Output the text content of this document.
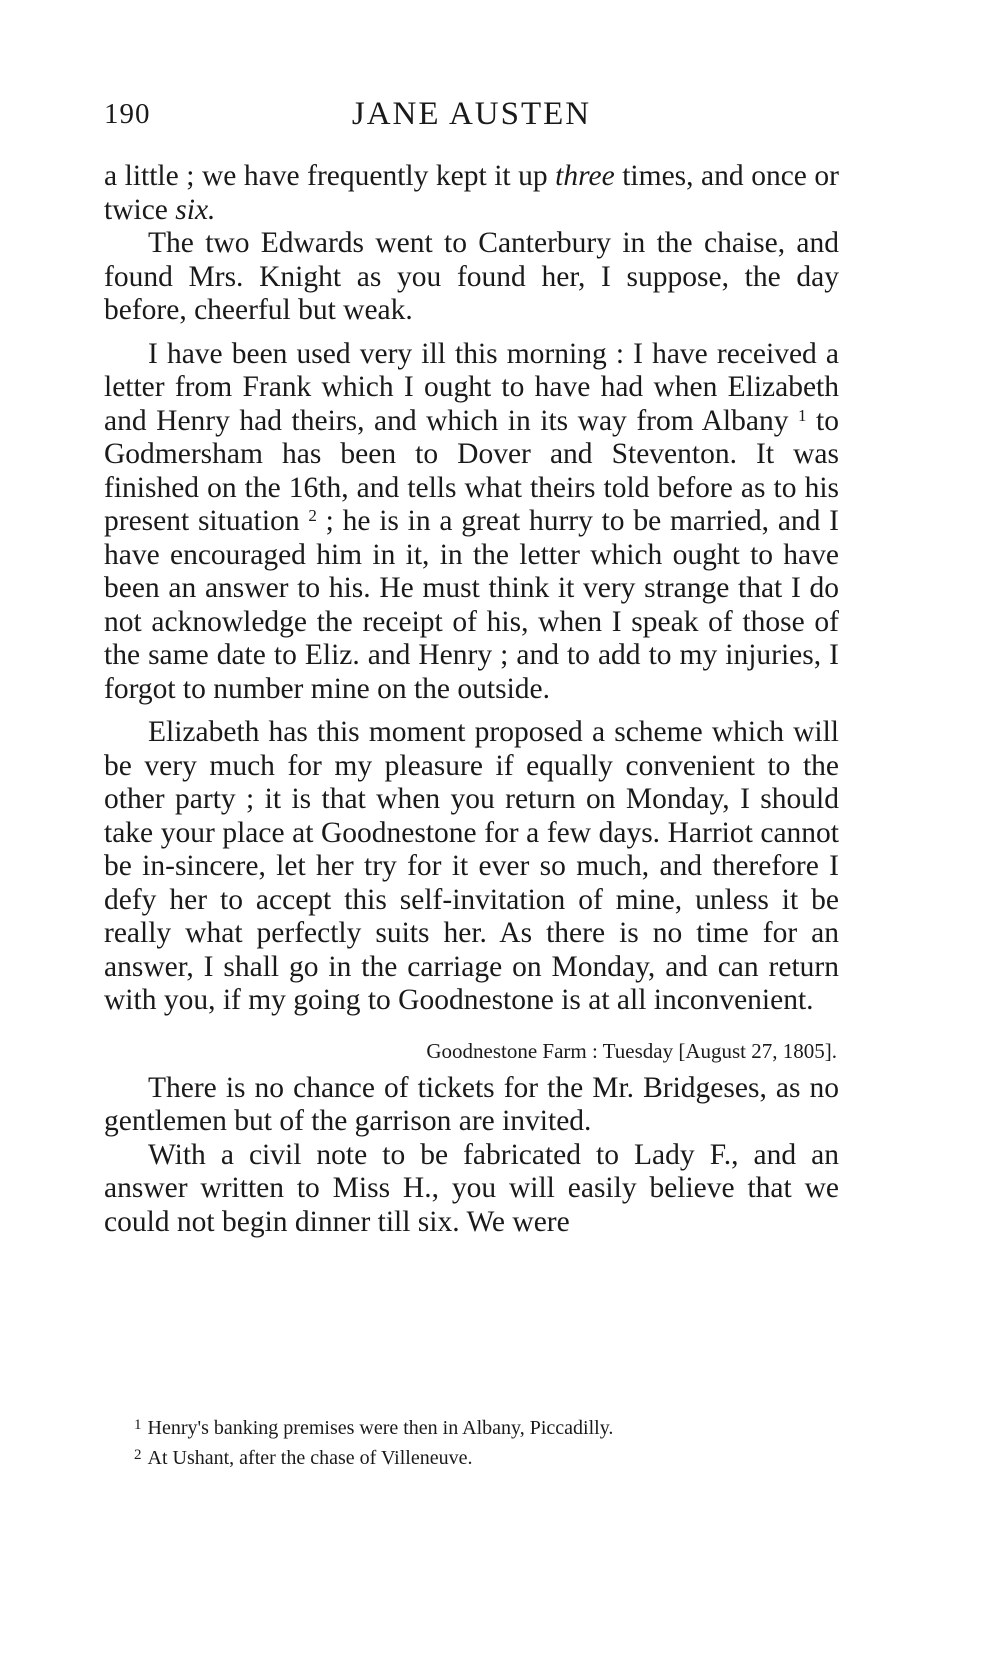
190	JANE AUSTEN

a little ; we have frequently kept it up three times, and once or twice six.

The two Edwards went to Canterbury in the chaise, and found Mrs. Knight as you found her, I suppose, the day before, cheerful but weak.

I have been used very ill this morning : I have received a letter from Frank which I ought to have had when Elizabeth and Henry had theirs, and which in its way from Albany $^1$ to Godmersham has been to Dover and Steventon. It was finished on the 16th, and tells what theirs told before as to his present situation $^2$ ; he is in a great hurry to be married, and I have encouraged him in it, in the letter which ought to have been an answer to his. He must think it very strange that I do not acknowledge the receipt of his, when I speak of those of the same date to Eliz. and Henry ; and to add to my injuries, I forgot to number mine on the outside.

Elizabeth has this moment proposed a scheme which will be very much for my pleasure if equally convenient to the other party ; it is that when you return on Monday, I should take your place at Goodnestone for a few days. Harriot cannot be in-sincere, let her try for it ever so much, and therefore I defy her to accept this self-invitation of mine, unless it be really what perfectly suits her. As there is no time for an answer, I shall go in the carriage on Monday, and can return with you, if my going to Goodnestone is at all inconvenient.

Goodnestone Farm : Tuesday [August 27, 1805].

There is no chance of tickets for the Mr. Bridgeses, as no gentlemen but of the garrison are invited.

With a civil note to be fabricated to Lady F., and an answer written to Miss H., you will easily believe that we could not begin dinner till six. We were

$^1$ Henry's banking premises were then in Albany, Piccadilly.
$^2$ At Ushant, after the chase of Villeneuve.
